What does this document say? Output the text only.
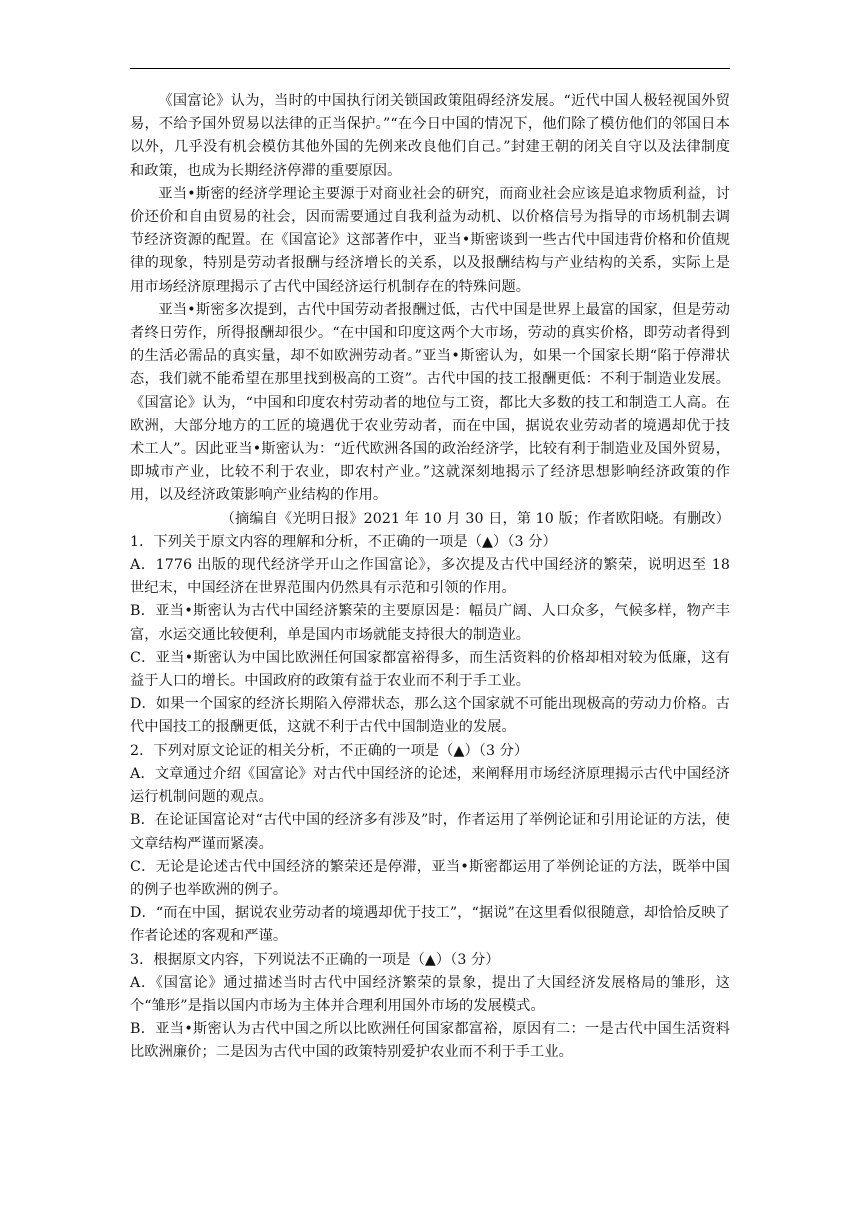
《国富论》认为，当时的中国执行闭关锁国政策阻碍经济发展。“近代中国人极轻视国外贸易，不给予国外贸易以法律的正当保护。”“在今日中国的情况下，他们除了模仿他们的邻国日本以外，几乎没有机会模仿其他外国的先例来改良他们自己。”封建王朝的闭关自守以及法律制度和政策，也成为长期经济停滞的重要原因。

亚当•斯密的经济学理论主要源于对商业社会的研究，而商业社会应该是追求物质利益，讨价还价和自由贸易的社会，因而需要通过自我利益为动机、以价格信号为指导的市场机制去调节经济资源的配置。在《国富论》这部著作中，亚当•斯密谈到一些古代中国违背价格和价值规律的现象，特别是劳动者报酬与经济增长的关系，以及报酬结构与产业结构的关系，实际上是用市场经济原理揭示了古代中国经济运行机制存在的特殊问题。

亚当•斯密多次提到，古代中国劳动者报酬过低，古代中国是世界上最富的国家，但是劳动者终日劳作，所得报酬却很少。“在中国和印度这两个大市场，劳动的真实价格，即劳动者得到的生活必需品的真实量，却不如欧洲劳动者。”亚当•斯密认为，如果一个国家长期“陷于停滞状态，我们就不能希望在那里找到极高的工资”。古代中国的技工报酬更低：不利于制造业发展。《国富论》认为，“中国和印度农村劳动者的地位与工资，都比大多数的技工和制造工人高。在欧洲，大部分地方的工匠的境遇优于农业劳动者，而在中国，据说农业劳动者的境遇却优于技术工人”。因此亚当•斯密认为：“近代欧洲各国的政治经济学，比较有利于制造业及国外贸易，即城市产业，比较不利于农业，即农村产业。”这就深刻地揭示了经济思想影响经济政策的作用，以及经济政策影响产业结构的作用。

（摘编自《光明日报》2021 年 10 月 30 日，第 10 版；作者欧阳峣。有删改）

1．下列关于原文内容的理解和分析，不正确的一项是（▲）（3 分）

A．1776 出版的现代经济学开山之作国富论》，多次提及古代中国经济的繁荣，说明迟至 18 世纪末，中国经济在世界范围内仍然具有示范和引领的作用。

B．亚当•斯密认为古代中国经济繁荣的主要原因是：幅员广阔、人口众多，气候多样，物产丰富，水运交通比较便利，单是国内市场就能支持很大的制造业。

C．亚当•斯密认为中国比欧洲任何国家都富裕得多，而生活资料的价格却相对较为低廉，这有益于人口的增长。中国政府的政策有益于农业而不利于手工业。

D．如果一个国家的经济长期陷入停滞状态，那么这个国家就不可能出现极高的劳动力价格。古代中国技工的报酬更低，这就不利于古代中国制造业的发展。

2．下列对原文论证的相关分析，不正确的一项是（▲）（3 分）

A．文章通过介绍《国富论》对古代中国经济的论述，来阐释用市场经济原理揭示古代中国经济运行机制问题的观点。

B．在论证国富论对“古代中国的经济多有涉及”时，作者运用了举例论证和引用论证的方法，使文章结构严谨而紧凑。

C．无论是论述古代中国经济的繁荣还是停滞，亚当•斯密都运用了举例论证的方法，既举中国的例子也举欧洲的例子。

D．“而在中国，据说农业劳动者的境遇却优于技工”，“据说”在这里看似很随意，却恰恰反映了作者论述的客观和严谨。

3．根据原文内容，下列说法不正确的一项是（▲）（3 分）

A．《国富论》通过描述当时古代中国经济繁荣的景象，提出了大国经济发展格局的雏形，这个“雏形”是指以国内市场为主体并合理利用国外市场的发展模式。

B．亚当•斯密认为古代中国之所以比欧洲任何国家都富裕，原因有二：一是古代中国生活资料比欧洲廉价；二是因为古代中国的政策特别爱护农业而不利于手工业。
